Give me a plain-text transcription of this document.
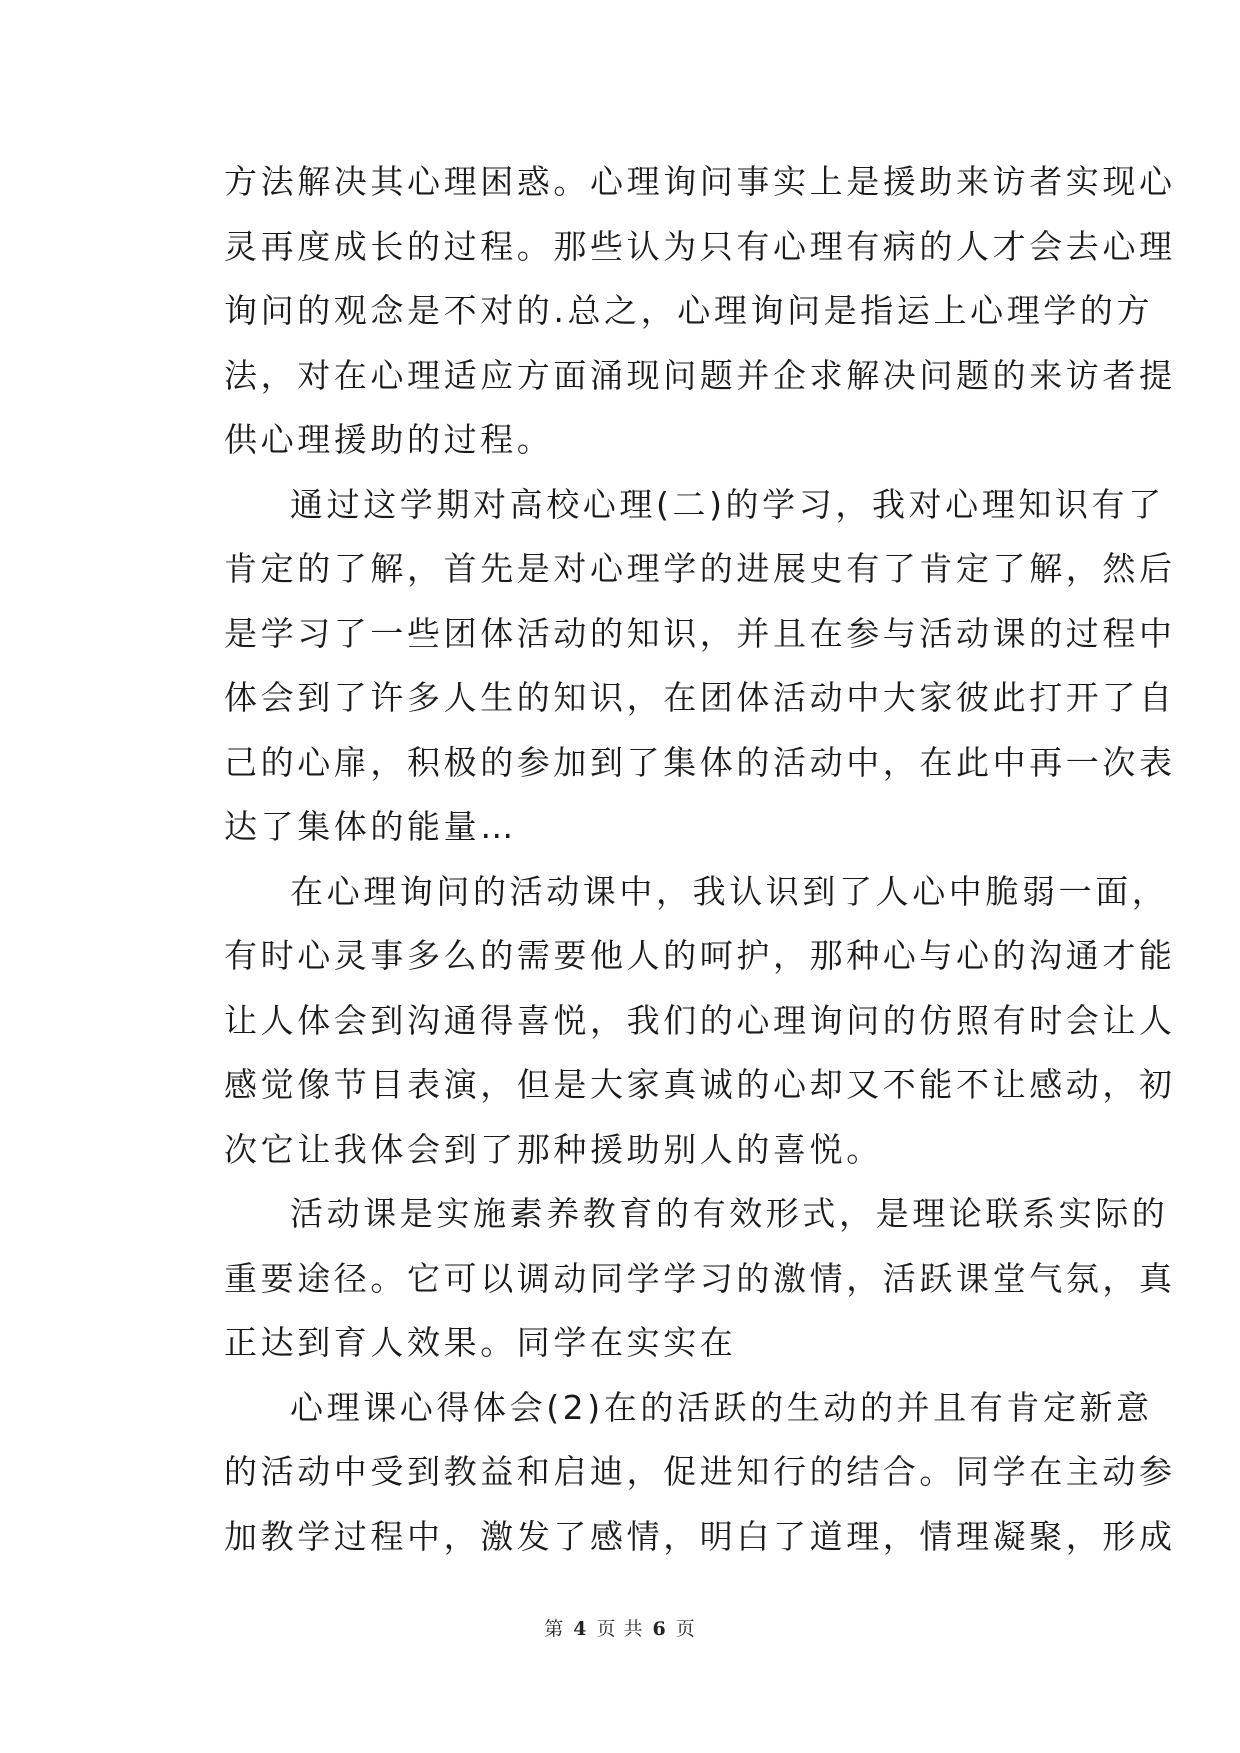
方法解决其心理困惑。心理询问事实上是援助来访者实现心
灵再度成长的过程。那些认为只有心理有病的人才会去心理
询问的观念是不对的.总之，心理询问是指运上心理学的方
法，对在心理适应方面涌现问题并企求解决问题的来访者提
供心理援助的过程。
通过这学期对高校心理(二)的学习，我对心理知识有了
肯定的了解，首先是对心理学的进展史有了肯定了解，然后
是学习了一些团体活动的知识，并且在参与活动课的过程中
体会到了许多人生的知识，在团体活动中大家彼此打开了自
己的心扉，积极的参加到了集体的活动中，在此中再一次表
达了集体的能量…
在心理询问的活动课中，我认识到了人心中脆弱一面，
有时心灵事多么的需要他人的呵护，那种心与心的沟通才能
让人体会到沟通得喜悦，我们的心理询问的仿照有时会让人
感觉像节目表演，但是大家真诚的心却又不能不让感动，初
次它让我体会到了那种援助别人的喜悦。
活动课是实施素养教育的有效形式，是理论联系实际的
重要途径。它可以调动同学学习的激情，活跃课堂气氛，真
正达到育人效果。同学在实实在
心理课心得体会(2)在的活跃的生动的并且有肯定新意
的活动中受到教益和启迪，促进知行的结合。同学在主动参
加教学过程中，激发了感情，明白了道理，情理凝聚，形成
第 4 页 共 6 页
